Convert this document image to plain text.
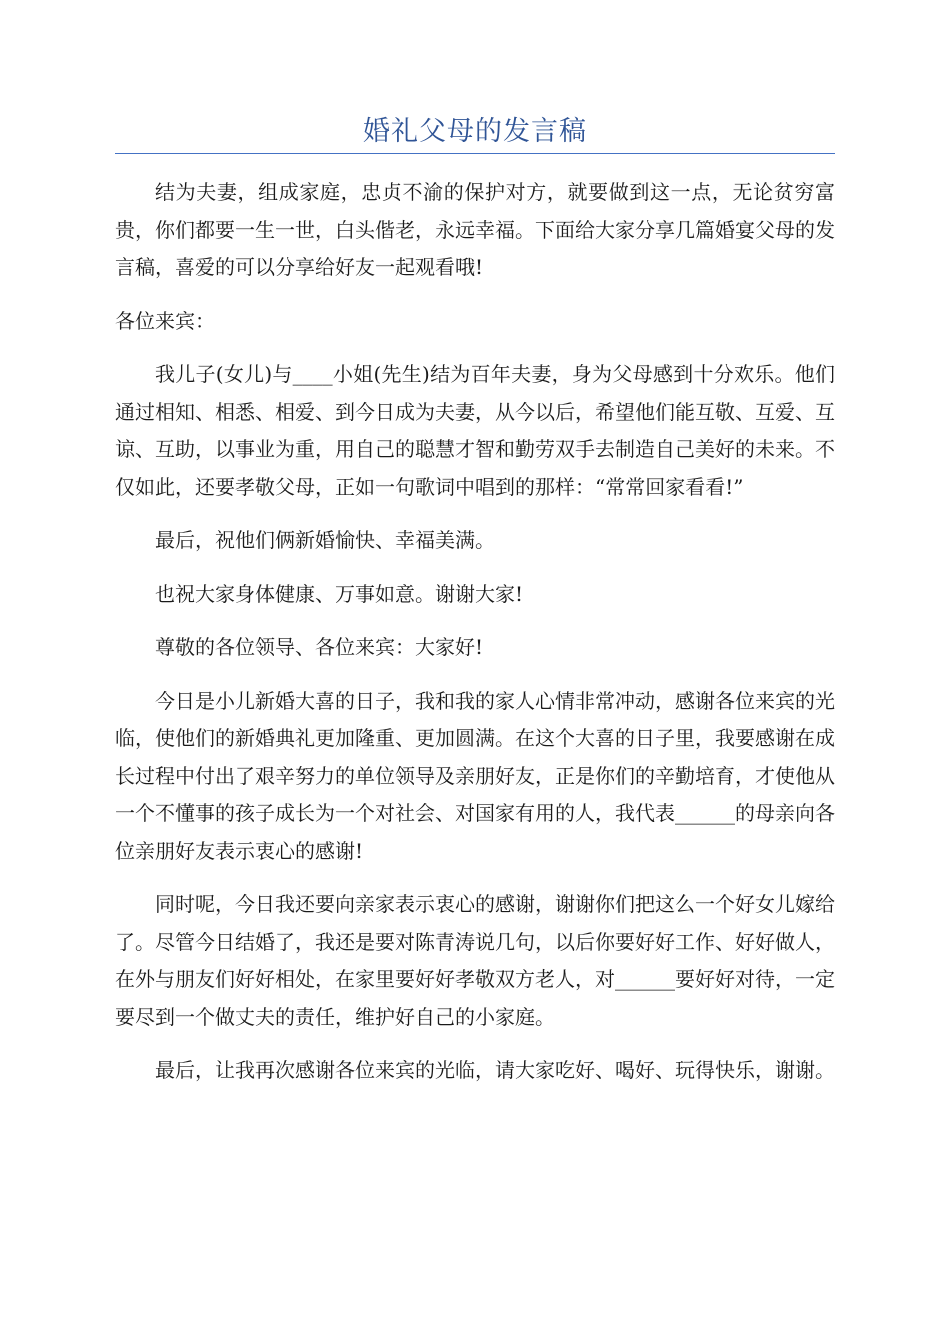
婚礼父母的发言稿

结为夫妻，组成家庭，忠贞不渝的保护对方，就要做到这一点，无论贫穷富贵，你们都要一生一世，白头偕老，永远幸福。下面给大家分享几篇婚宴父母的发言稿，喜爱的可以分享给好友一起观看哦!

各位来宾：

我儿子(女儿)与____小姐(先生)结为百年夫妻，身为父母感到十分欢乐。他们通过相知、相悉、相爱、到今日成为夫妻，从今以后，希望他们能互敬、互爱、互谅、互助，以事业为重，用自己的聪慧才智和勤劳双手去制造自己美好的未来。不仅如此，还要孝敬父母，正如一句歌词中唱到的那样：“常常回家看看!”

最后，祝他们俩新婚愉快、幸福美满。

也祝大家身体健康、万事如意。谢谢大家!

尊敬的各位领导、各位来宾：大家好!

今日是小儿新婚大喜的日子，我和我的家人心情非常冲动，感谢各位来宾的光临，使他们的新婚典礼更加隆重、更加圆满。在这个大喜的日子里，我要感谢在成长过程中付出了艰辛努力的单位领导及亲朋好友，正是你们的辛勤培育，才使他从一个不懂事的孩子成长为一个对社会、对国家有用的人，我代表______的母亲向各位亲朋好友表示衷心的感谢!

同时呢，今日我还要向亲家表示衷心的感谢，谢谢你们把这么一个好女儿嫁给了。尽管今日结婚了，我还是要对陈青涛说几句，以后你要好好工作、好好做人，在外与朋友们好好相处，在家里要好好孝敬双方老人，对______要好好对待，一定要尽到一个做丈夫的责任，维护好自己的小家庭。

最后，让我再次感谢各位来宾的光临，请大家吃好、喝好、玩得快乐，谢谢。
